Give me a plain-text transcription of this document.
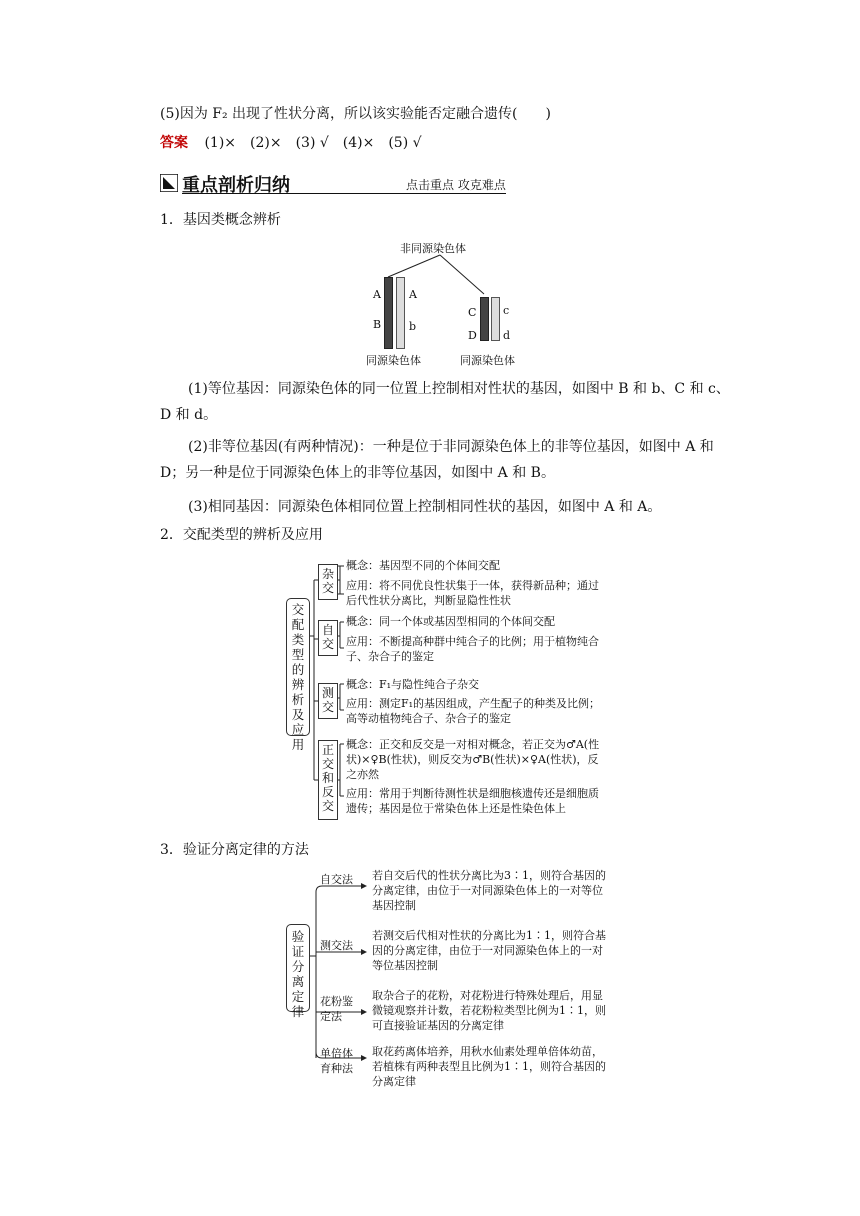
(5)因为 F₂ 出现了性状分离，所以该实验能否定融合遗传(　　)
答案 (1)×　(2)×　(3) √　(4)×　(5) √
重点剖析归纳	点击重点 攻克难点
1．基因类概念辨析
非同源染色体
A	A
B	b
C c
D d
同源染色体	同源染色体
(1)等位基因：同源染色体的同一位置上控制相对性状的基因，如图中 B 和 b、C 和 c、D 和 d。
(2)非等位基因(有两种情况)：一种是位于非同源染色体上的非等位基因，如图中 A 和 D；另一种是位于同源染色体上的非等位基因，如图中 A 和 B。
(3)相同基因：同源染色体相同位置上控制相同性状的基因，如图中 A 和 A。
2．交配类型的辨析及应用
交配类型的辨析及应用
杂交
概念：基因型不同的个体间交配
应用：将不同优良性状集于一体，获得新品种；通过后代性状分离比，判断显隐性性状
自交
概念：同一个体或基因型相同的个体间交配
应用：不断提高种群中纯合子的比例；用于植物纯合子、杂合子的鉴定
测交
概念：F₁与隐性纯合子杂交
应用：测定F₁的基因组成，产生配子的种类及比例；高等动植物纯合子、杂合子的鉴定
正交和反交
概念：正交和反交是一对相对概念，若正交为♂A(性状)×♀B(性状)，则反交为♂B(性状)×♀A(性状)，反之亦然
应用：常用于判断待测性状是细胞核遗传还是细胞质遗传；基因是位于常染色体上还是性染色体上
3．验证分离定律的方法
验证分离定律
自交法	若自交后代的性状分离比为3∶1，则符合基因的分离定律，由位于一对同源染色体上的一对等位基因控制
测交法
若测交后代相对性状的分离比为1∶1，则符合基因的分离定律，由位于一对同源染色体上的一对等位基因控制
花粉鉴定法
取杂合子的花粉，对花粉进行特殊处理后，用显微镜观察并计数，若花粉粒类型比例为1∶1，则可直接验证基因的分离定律
单倍体育种法
取花药离体培养，用秋水仙素处理单倍体幼苗，若植株有两种表型且比例为1∶1，则符合基因的分离定律
